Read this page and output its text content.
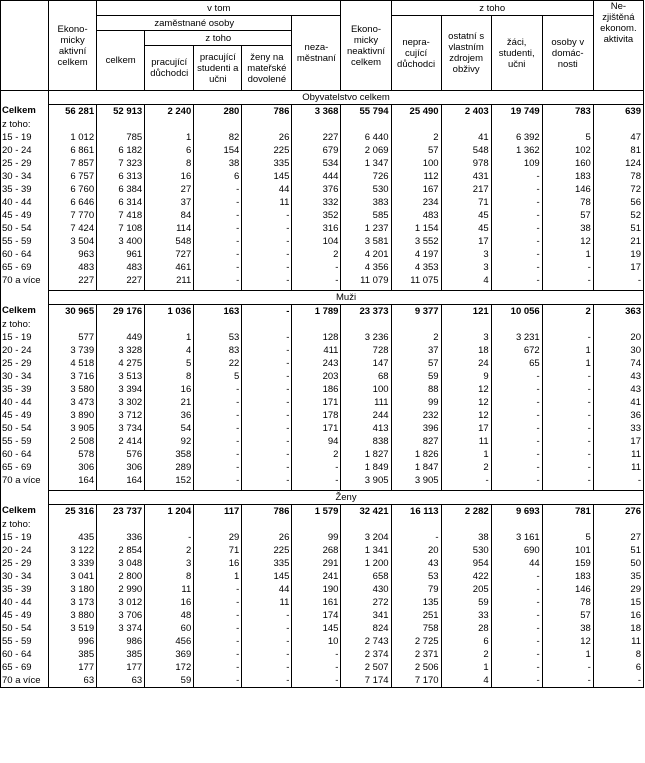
	Ekono- micky aktivní celkem	v tom					Ekono- micky neaktivní celkem	z toho				Ne- zjištěná ekonom. aktivita
		zaměstnané osoby				neza- městnaní		nepra- cující důchodci	ostatní s vlastním zdrojem obživy	žáci, studenti, učni	osoby v domác- nosti	
		celkem	z toho									
			pracující důchodci	pracující studenti a učni	ženy na mateřské dovolené							
	Obyvatelstvo celkem											
Celkem	56 281	52 913	2 240	280	786	3 368	55 794	25 490	2 403	19 749	783	639
z toho:												
15 - 19	1 012	785	1	82	26	227	6 440	2	41	6 392	5	47
20 - 24	6 861	6 182	6	154	225	679	2 069	57	548	1 362	102	81
25 - 29	7 857	7 323	8	38	335	534	1 347	100	978	109	160	124
30 - 34	6 757	6 313	16	6	145	444	726	112	431	-	183	78
35 - 39	6 760	6 384	27	-	44	376	530	167	217	-	146	72
40 - 44	6 646	6 314	37	-	11	332	383	234	71	-	78	56
45 - 49	7 770	7 418	84	-	-	352	585	483	45	-	57	52
50 - 54	7 424	7 108	114	-	-	316	1 237	1 154	45	-	38	51
55 - 59	3 504	3 400	548	-	-	104	3 581	3 552	17	-	12	21
60 - 64	963	961	727	-	-	2	4 201	4 197	3	-	1	19
65 - 69	483	483	461	-	-	-	4 356	4 353	3	-	-	17
70 a více	227	227	211	-	-	-	11 079	11 075	4	-	-	-

	Muži											
Celkem	30 965	29 176	1 036	163	-	1 789	23 373	9 377	121	10 056	2	363
z toho:												
15 - 19	577	449	1	53	-	128	3 236	2	3	3 231	-	20
20 - 24	3 739	3 328	4	83	-	411	728	37	18	672	1	30
25 - 29	4 518	4 275	5	22	-	243	147	57	24	65	1	74
30 - 34	3 716	3 513	8	5	-	203	68	59	9	-	-	43
35 - 39	3 580	3 394	16	-	-	186	100	88	12	-	-	43
40 - 44	3 473	3 302	21	-	-	171	111	99	12	-	-	41
45 - 49	3 890	3 712	36	-	-	178	244	232	12	-	-	36
50 - 54	3 905	3 734	54	-	-	171	413	396	17	-	-	33
55 - 59	2 508	2 414	92	-	-	94	838	827	11	-	-	17
60 - 64	578	576	358	-	-	2	1 827	1 826	1	-	-	11
65 - 69	306	306	289	-	-	-	1 849	1 847	2	-	-	11
70 a více	164	164	152	-	-	-	3 905	3 905	-	-	-	-

	Ženy											
Celkem	25 316	23 737	1 204	117	786	1 579	32 421	16 113	2 282	9 693	781	276
z toho:												
15 - 19	435	336	-	29	26	99	3 204	-	38	3 161	5	27
20 - 24	3 122	2 854	2	71	225	268	1 341	20	530	690	101	51
25 - 29	3 339	3 048	3	16	335	291	1 200	43	954	44	159	50
30 - 34	3 041	2 800	8	1	145	241	658	53	422	-	183	35
35 - 39	3 180	2 990	11	-	44	190	430	79	205	-	146	29
40 - 44	3 173	3 012	16	-	11	161	272	135	59	-	78	15
45 - 49	3 880	3 706	48	-	-	174	341	251	33	-	57	16
50 - 54	3 519	3 374	60	-	-	145	824	758	28	-	38	18
55 - 59	996	986	456	-	-	10	2 743	2 725	6	-	12	11
60 - 64	385	385	369	-	-	-	2 374	2 371	2	-	1	8
65 - 69	177	177	172	-	-	-	2 507	2 506	1	-	-	6
70 a více	63	63	59	-	-	-	7 174	7 170	4	-	-	-
